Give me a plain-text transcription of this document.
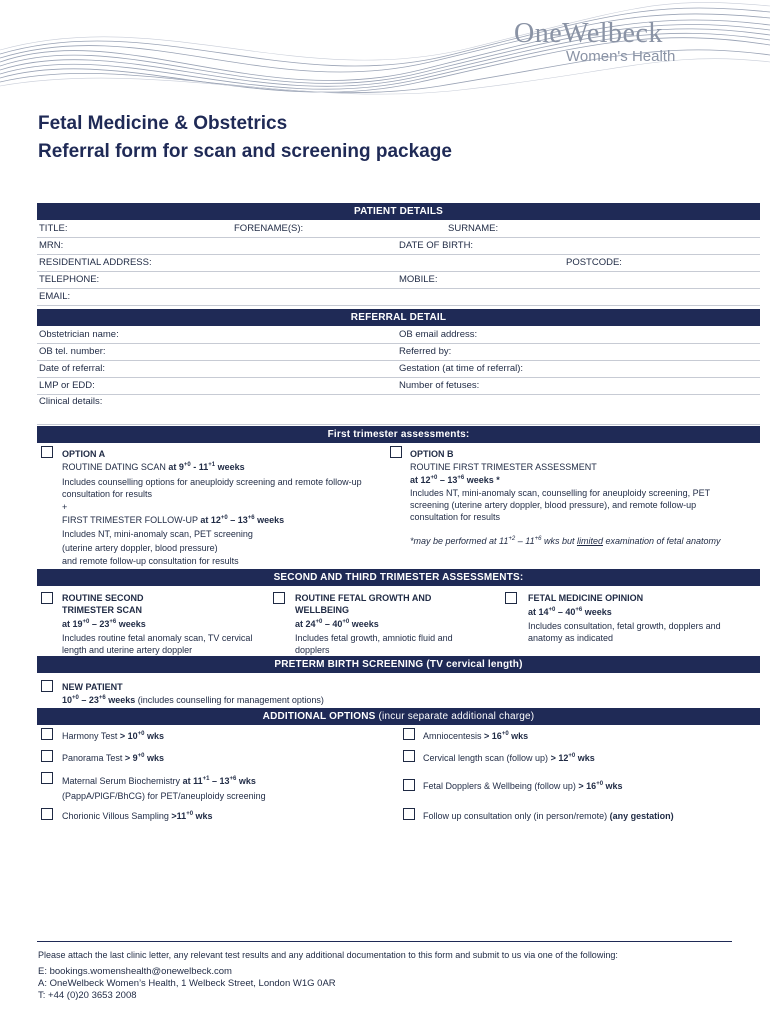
OneWelbeck
Women's Health
Fetal Medicine & Obstetrics
Referral form for scan and screening package
PATIENT DETAILS
TITLE:	FORENAME(S):	SURNAME:
MRN:	DATE OF BIRTH:
RESIDENTIAL ADDRESS:	POSTCODE:
TELEPHONE:	MOBILE:
EMAIL:
REFERRAL DETAIL
Obstetrician name:	OB email address:
OB tel. number:	Referred by:
Date of referral:	Gestation (at time of referral):
LMP or EDD:	Number of fetuses:
Clinical details:
First trimester assessments:
OPTION A
ROUTINE DATING SCAN at $9^{+0} - 11^{+1}$ weeks
Includes counselling options for aneuploidy screening and remote follow-up consultation for results
+
FIRST TRIMESTER FOLLOW-UP at $12^{+0} - 13^{+6}$ weeks
Includes NT, mini-anomaly scan, PET screening
(uterine artery doppler, blood pressure)
and remote follow-up consultation for results
OPTION B
ROUTINE FIRST TRIMESTER ASSESSMENT
at $12^{+0} - 13^{+6}$ weeks *
Includes NT, mini-anomaly scan, counselling for aneuploidy screening, PET screening (uterine artery doppler, blood pressure), and remote follow-up consultation for results
*may be performed at $11^{+2} - 11^{+6}$ wks but limited examination of fetal anatomy
SECOND AND THIRD TRIMESTER ASSESSMENTS:
ROUTINE SECOND TRIMESTER SCAN
at $19^{+0} - 23^{+6}$ weeks
Includes routine fetal anomaly scan, TV cervical length and uterine artery doppler
ROUTINE FETAL GROWTH AND WELLBEING
at $24^{+0} - 40^{+0}$ weeks
Includes fetal growth, amniotic fluid and dopplers
FETAL MEDICINE OPINION
at $14^{+0} - 40^{+6}$ weeks
Includes consultation, fetal growth, dopplers and anatomy as indicated
PRETERM BIRTH SCREENING (TV cervical length)
NEW PATIENT
$10^{+0} - 23^{+6}$ weeks (includes counselling for management options)
ADDITIONAL OPTIONS (incur separate additional charge)
Harmony Test > $10^{+0}$ wks
Panorama Test > $9^{+0}$ wks
Maternal Serum Biochemistry at $11^{+1} - 13^{+6}$ wks
(PappA/PlGF/BhCG) for PET/aneuploidy screening
Chorionic Villous Sampling $>11^{+0}$ wks
Amniocentesis > $16^{+0}$ wks
Cervical length scan (follow $up) > 12^{+0}$ wks
Fetal Dopplers & Wellbeing (follow $up) > 16^{+0}$ wks
Follow up consultation only (in person/remote) (any gestation)
Please attach the last clinic letter, any relevant test results and any additional documentation to this form and submit to us via one of the following:
E: bookings.womenshealth@onewelbeck.com
A: OneWelbeck Women’s Health, 1 Welbeck Street, London W1G 0AR
T: +44 (0)20 3653 2008
